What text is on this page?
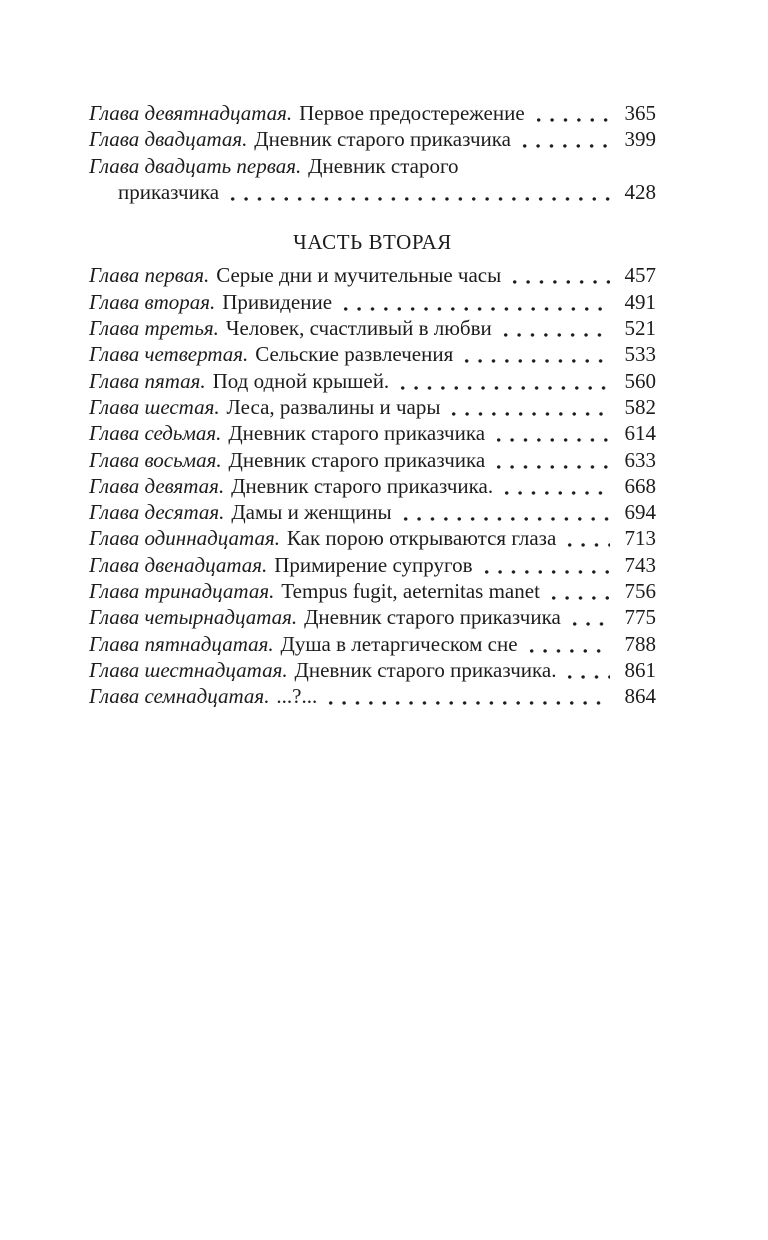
Глава девятнадцатая. Первое предостережение	365
Глава двадцатая. Дневник старого приказчика	399
Глава двадцать первая. Дневник старого
приказчика	428
ЧАСТЬ ВТОРАЯ
Глава первая. Серые дни и мучительные часы	457
Глава вторая. Привидение	491
Глава третья. Человек, счастливый в любви	521
Глава четвертая. Сельские развлечения	533
Глава пятая. Под одной крышей.	560
Глава шестая. Леса, развалины и чары	582
Глава седьмая. Дневник старого приказчика	614
Глава восьмая. Дневник старого приказчика	633
Глава девятая. Дневник старого приказчика.	668
Глава десятая. Дамы и женщины	694
Глава одиннадцатая. Как порою открываются глаза	713
Глава двенадцатая. Примирение супругов	743
Глава тринадцатая. Tempus fugit, aeternitas manet	756
Глава четырнадцатая. Дневник старого приказчика	775
Глава пятнадцатая. Душа в летаргическом сне	788
Глава шестнадцатая. Дневник старого приказчика.	861
Глава семнадцатая. ...?...	864
